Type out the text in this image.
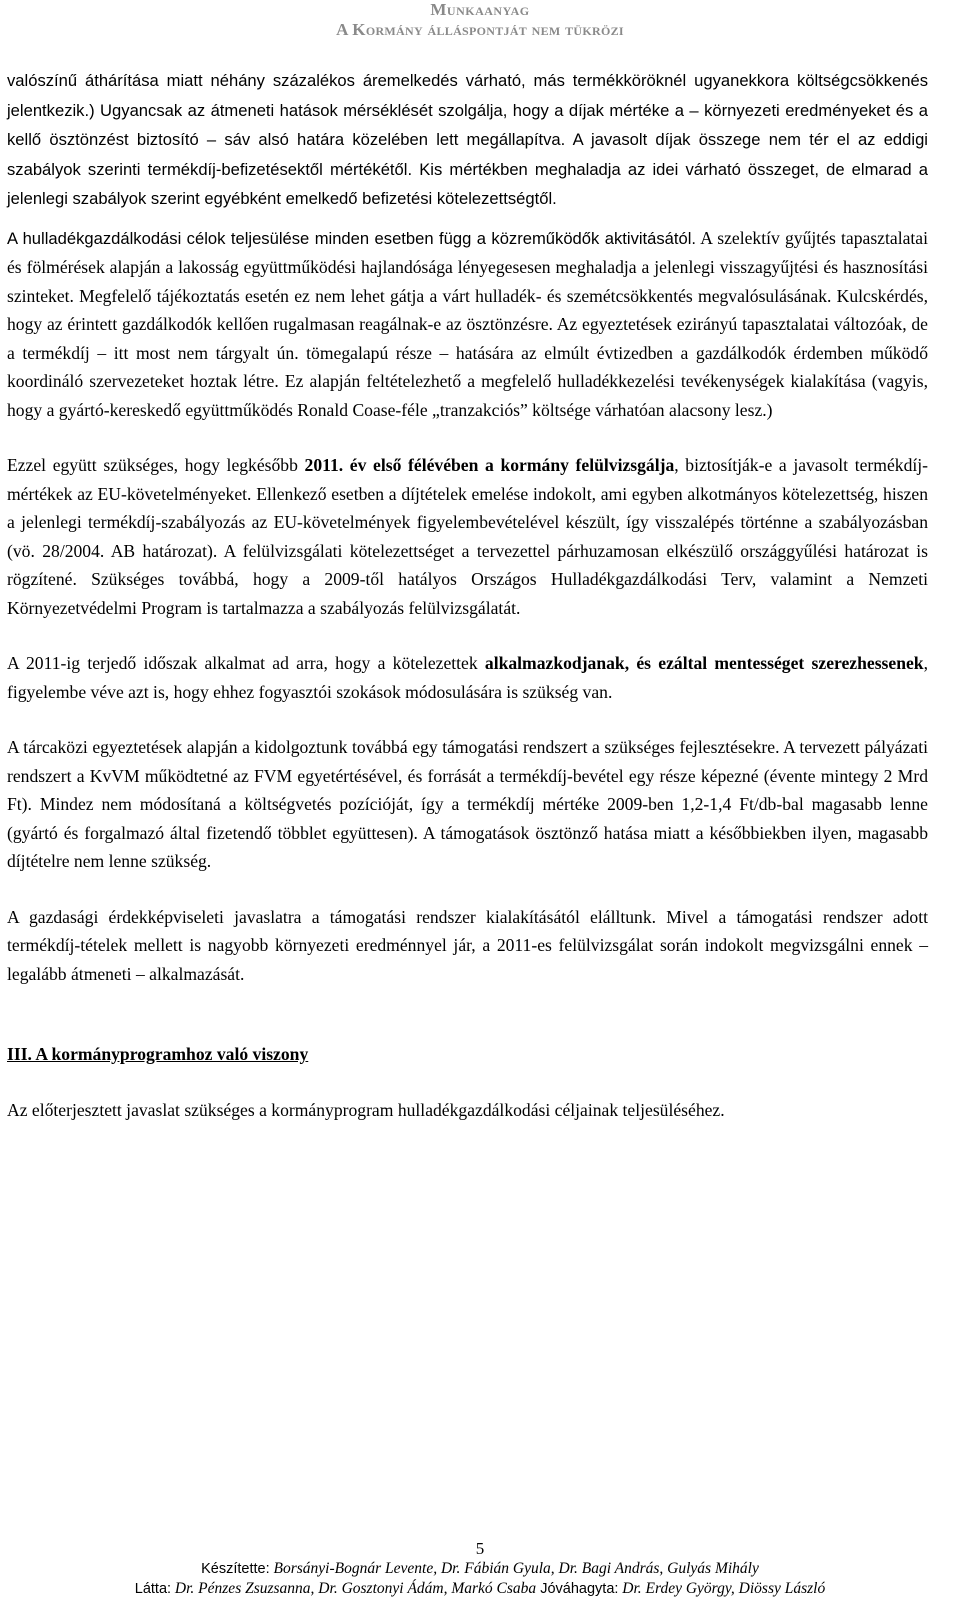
Munkaanyag
A Kormány álláspontját nem tükrözi

valószínű áthárítása miatt néhány százalékos áremelkedés várható, más termékköröknél ugyanekkora költségcsökkenés jelentkezik.) Ugyancsak az átmeneti hatások mérséklését szolgálja, hogy a díjak mértéke a – környezeti eredményeket és a kellő ösztönzést biztosító – sáv alsó határa közelében lett megállapítva. A javasolt díjak összege nem tér el az eddigi szabályok szerinti termékdíj-befizetésektől mértékétől. Kis mértékben meghaladja az idei várható összeget, de elmarad a jelenlegi szabályok szerint egyébként emelkedő befizetési kötelezettségtől.

A hulladékgazdálkodási célok teljesülése minden esetben függ a közreműködők aktivitásától. A szelektív gyűjtés tapasztalatai és fölmérések alapján a lakosság együttműködési hajlandósága lényegesesen meghaladja a jelenlegi visszagyűjtési és hasznosítási szinteket. Megfelelő tájékoztatás esetén ez nem lehet gátja a várt hulladék- és szemétcsökkentés megvalósulásának. Kulcskérdés, hogy az érintett gazdálkodók kellően rugalmasan reagálnak-e az ösztönzésre. Az egyeztetések ezirányú tapasztalatai változóak, de a termékdíj – itt most nem tárgyalt ún. tömegalapú része – hatására az elmúlt évtizedben a gazdálkodók érdemben működő koordináló szervezeteket hoztak létre. Ez alapján feltételezhető a megfelelő hulladékkezelési tevékenységek kialakítása (vagyis, hogy a gyártó-kereskedő együttműködés Ronald Coase-féle „tranzakciós” költsége várhatóan alacsony lesz.)

Ezzel együtt szükséges, hogy legkésőbb 2011. év első félévében a kormány felülvizsgálja, biztosítják-e a javasolt termékdíj-mértékek az EU-követelményeket. Ellenkező esetben a díjtételek emelése indokolt, ami egyben alkotmányos kötelezettség, hiszen a jelenlegi termékdíj-szabályozás az EU-követelmények figyelembevételével készült, így visszalépés történne a szabályozásban (vö. 28/2004. AB határozat). A felülvizsgálati kötelezettséget a tervezettel párhuzamosan elkészülő országgyűlési határozat is rögzítené. Szükséges továbbá, hogy a 2009-től hatályos Országos Hulladékgazdálkodási Terv, valamint a Nemzeti Környezetvédelmi Program is tartalmazza a szabályozás felülvizsgálatát.

A 2011-ig terjedő időszak alkalmat ad arra, hogy a kötelezettek alkalmazkodjanak, és ezáltal mentességet szerezhessenek, figyelembe véve azt is, hogy ehhez fogyasztói szokások módosulására is szükség van.

A tárcaközi egyeztetések alapján a kidolgoztunk továbbá egy támogatási rendszert a szükséges fejlesztésekre. A tervezett pályázati rendszert a KvVM működtetné az FVM egyetértésével, és forrását a termékdíj-bevétel egy része képezné (évente mintegy 2 Mrd Ft). Mindez nem módosítaná a költségvetés pozícióját, így a termékdíj mértéke 2009-ben 1,2-1,4 Ft/db-bal magasabb lenne (gyártó és forgalmazó által fizetendő többlet együttesen). A támogatások ösztönző hatása miatt a későbbiekben ilyen, magasabb díjtételre nem lenne szükség.

A gazdasági érdekképviseleti javaslatra a támogatási rendszer kialakításától elálltunk. Mivel a támogatási rendszer adott termékdíj-tételek mellett is nagyobb környezeti eredménnyel jár, a 2011-es felülvizsgálat során indokolt megvizsgálni ennek – legalább átmeneti – alkalmazását.

III. A kormányprogramhoz való viszony

Az előterjesztett javaslat szükséges a kormányprogram hulladékgazdálkodási céljainak teljesüléséhez.

5
Készítette: Borsányi-Bognár Levente, Dr. Fábián Gyula, Dr. Bagi András, Gulyás Mihály
Látta: Dr. Pénzes Zsuzsanna, Dr. Gosztonyi Ádám, Markó Csaba Jóváhagyta: Dr. Erdey György, Diössy László
